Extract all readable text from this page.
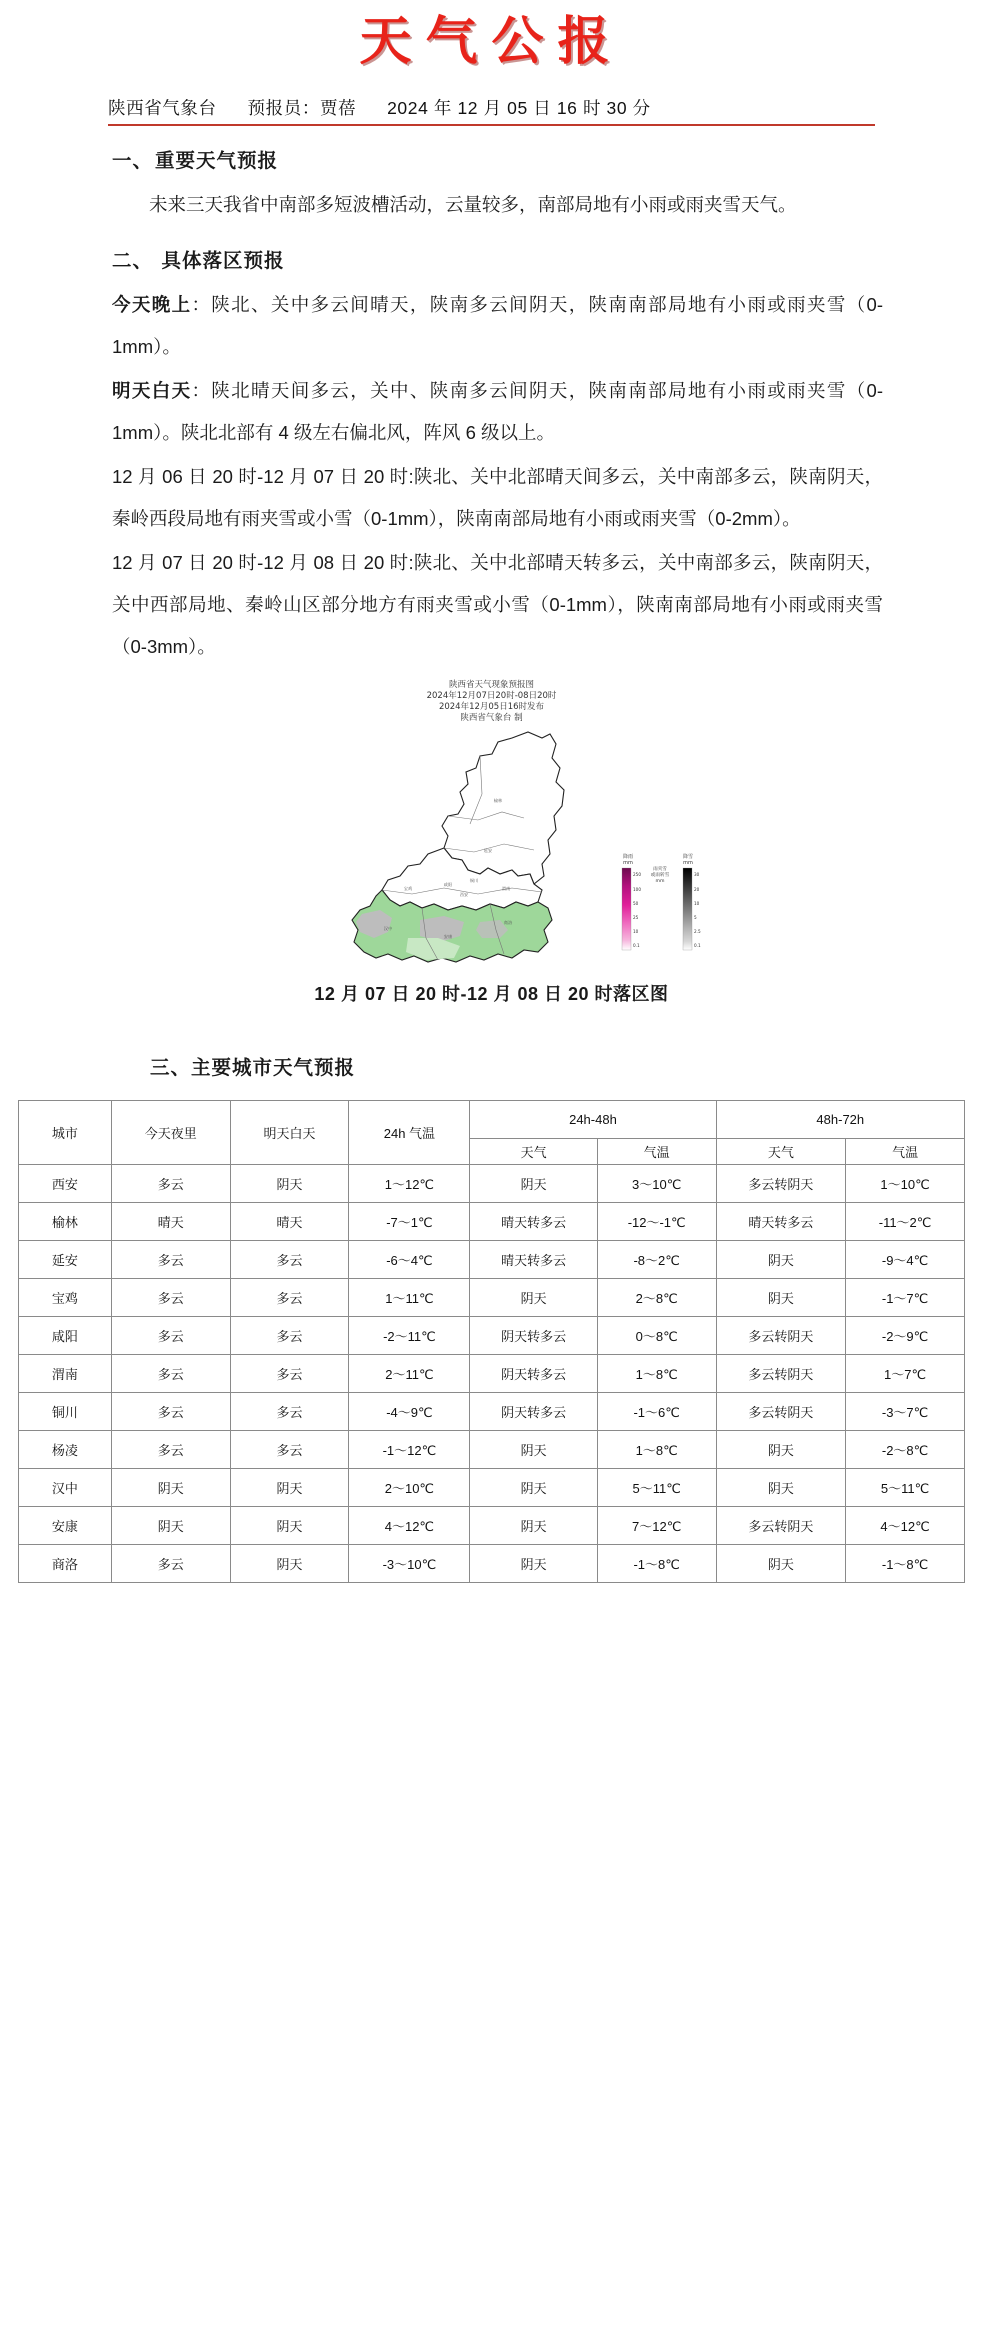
天气公报
陕西省气象台 预报员：贾蓓 2024 年 12 月 05 日 16 时 30 分
一、 重要天气预报
未来三天我省中南部多短波槽活动，云量较多，南部局地有小雨或雨夹雪天气。
二、 具体落区预报
今天晚上：陕北、关中多云间晴天，陕南多云间阴天，陕南南部局地有小雨或雨夹雪（0-1mm）。
明天白天：陕北晴天间多云，关中、陕南多云间阴天，陕南南部局地有小雨或雨夹雪（0-1mm）。陕北北部有 4 级左右偏北风，阵风 6 级以上。
12 月 06 日 20 时-12 月 07 日 20 时:陕北、关中北部晴天间多云，关中南部多云，陕南阴天，秦岭西段局地有雨夹雪或小雪（0-1mm），陕南南部局地有小雨或雨夹雪（0-2mm）。
12 月 07 日 20 时-12 月 08 日 20 时:陕北、关中北部晴天转多云，关中南部多云，陕南阴天，关中西部局地、秦岭山区部分地方有雨夹雪或小雪（0-1mm），陕南南部局地有小雨或雨夹雪（0-3mm）。
陕西省天气现象预报图
2024年12月07日20时-08日20时
2024年12月05日16时发布
陕西省气象台 制
榆林
延安
铜川
宝鸡
咸阳
西安
渭南
汉中
安康
商洛
降雨
mm
250
100
50
25
10
0.1
雨夹雪
或雨转雪
mm
降雪
mm
30
20
10
5
2.5
0.1
12 月 07 日 20 时-12 月 08 日 20 时落区图
三、主要城市天气预报
城市	今天夜里	明天白天	24h 气温	24h-48h		48h-72h	
				天气	气温	天气	气温
西安	多云	阴天	1～12℃	阴天	3～10℃	多云转阴天	1～10℃
榆林	晴天	晴天	-7～1℃	晴天转多云	-12～-1℃	晴天转多云	-11～2℃
延安	多云	多云	-6～4℃	晴天转多云	-8～2℃	阴天	-9～4℃
宝鸡	多云	多云	1～11℃	阴天	2～8℃	阴天	-1～7℃
咸阳	多云	多云	-2～11℃	阴天转多云	0～8℃	多云转阴天	-2～9℃
渭南	多云	多云	2～11℃	阴天转多云	1～8℃	多云转阴天	1～7℃
铜川	多云	多云	-4～9℃	阴天转多云	-1～6℃	多云转阴天	-3～7℃
杨凌	多云	多云	-1～12℃	阴天	1～8℃	阴天	-2～8℃
汉中	阴天	阴天	2～10℃	阴天	5～11℃	阴天	5～11℃
安康	阴天	阴天	4～12℃	阴天	7～12℃	多云转阴天	4～12℃
商洛	多云	阴天	-3～10℃	阴天	-1～8℃	阴天	-1～8℃
